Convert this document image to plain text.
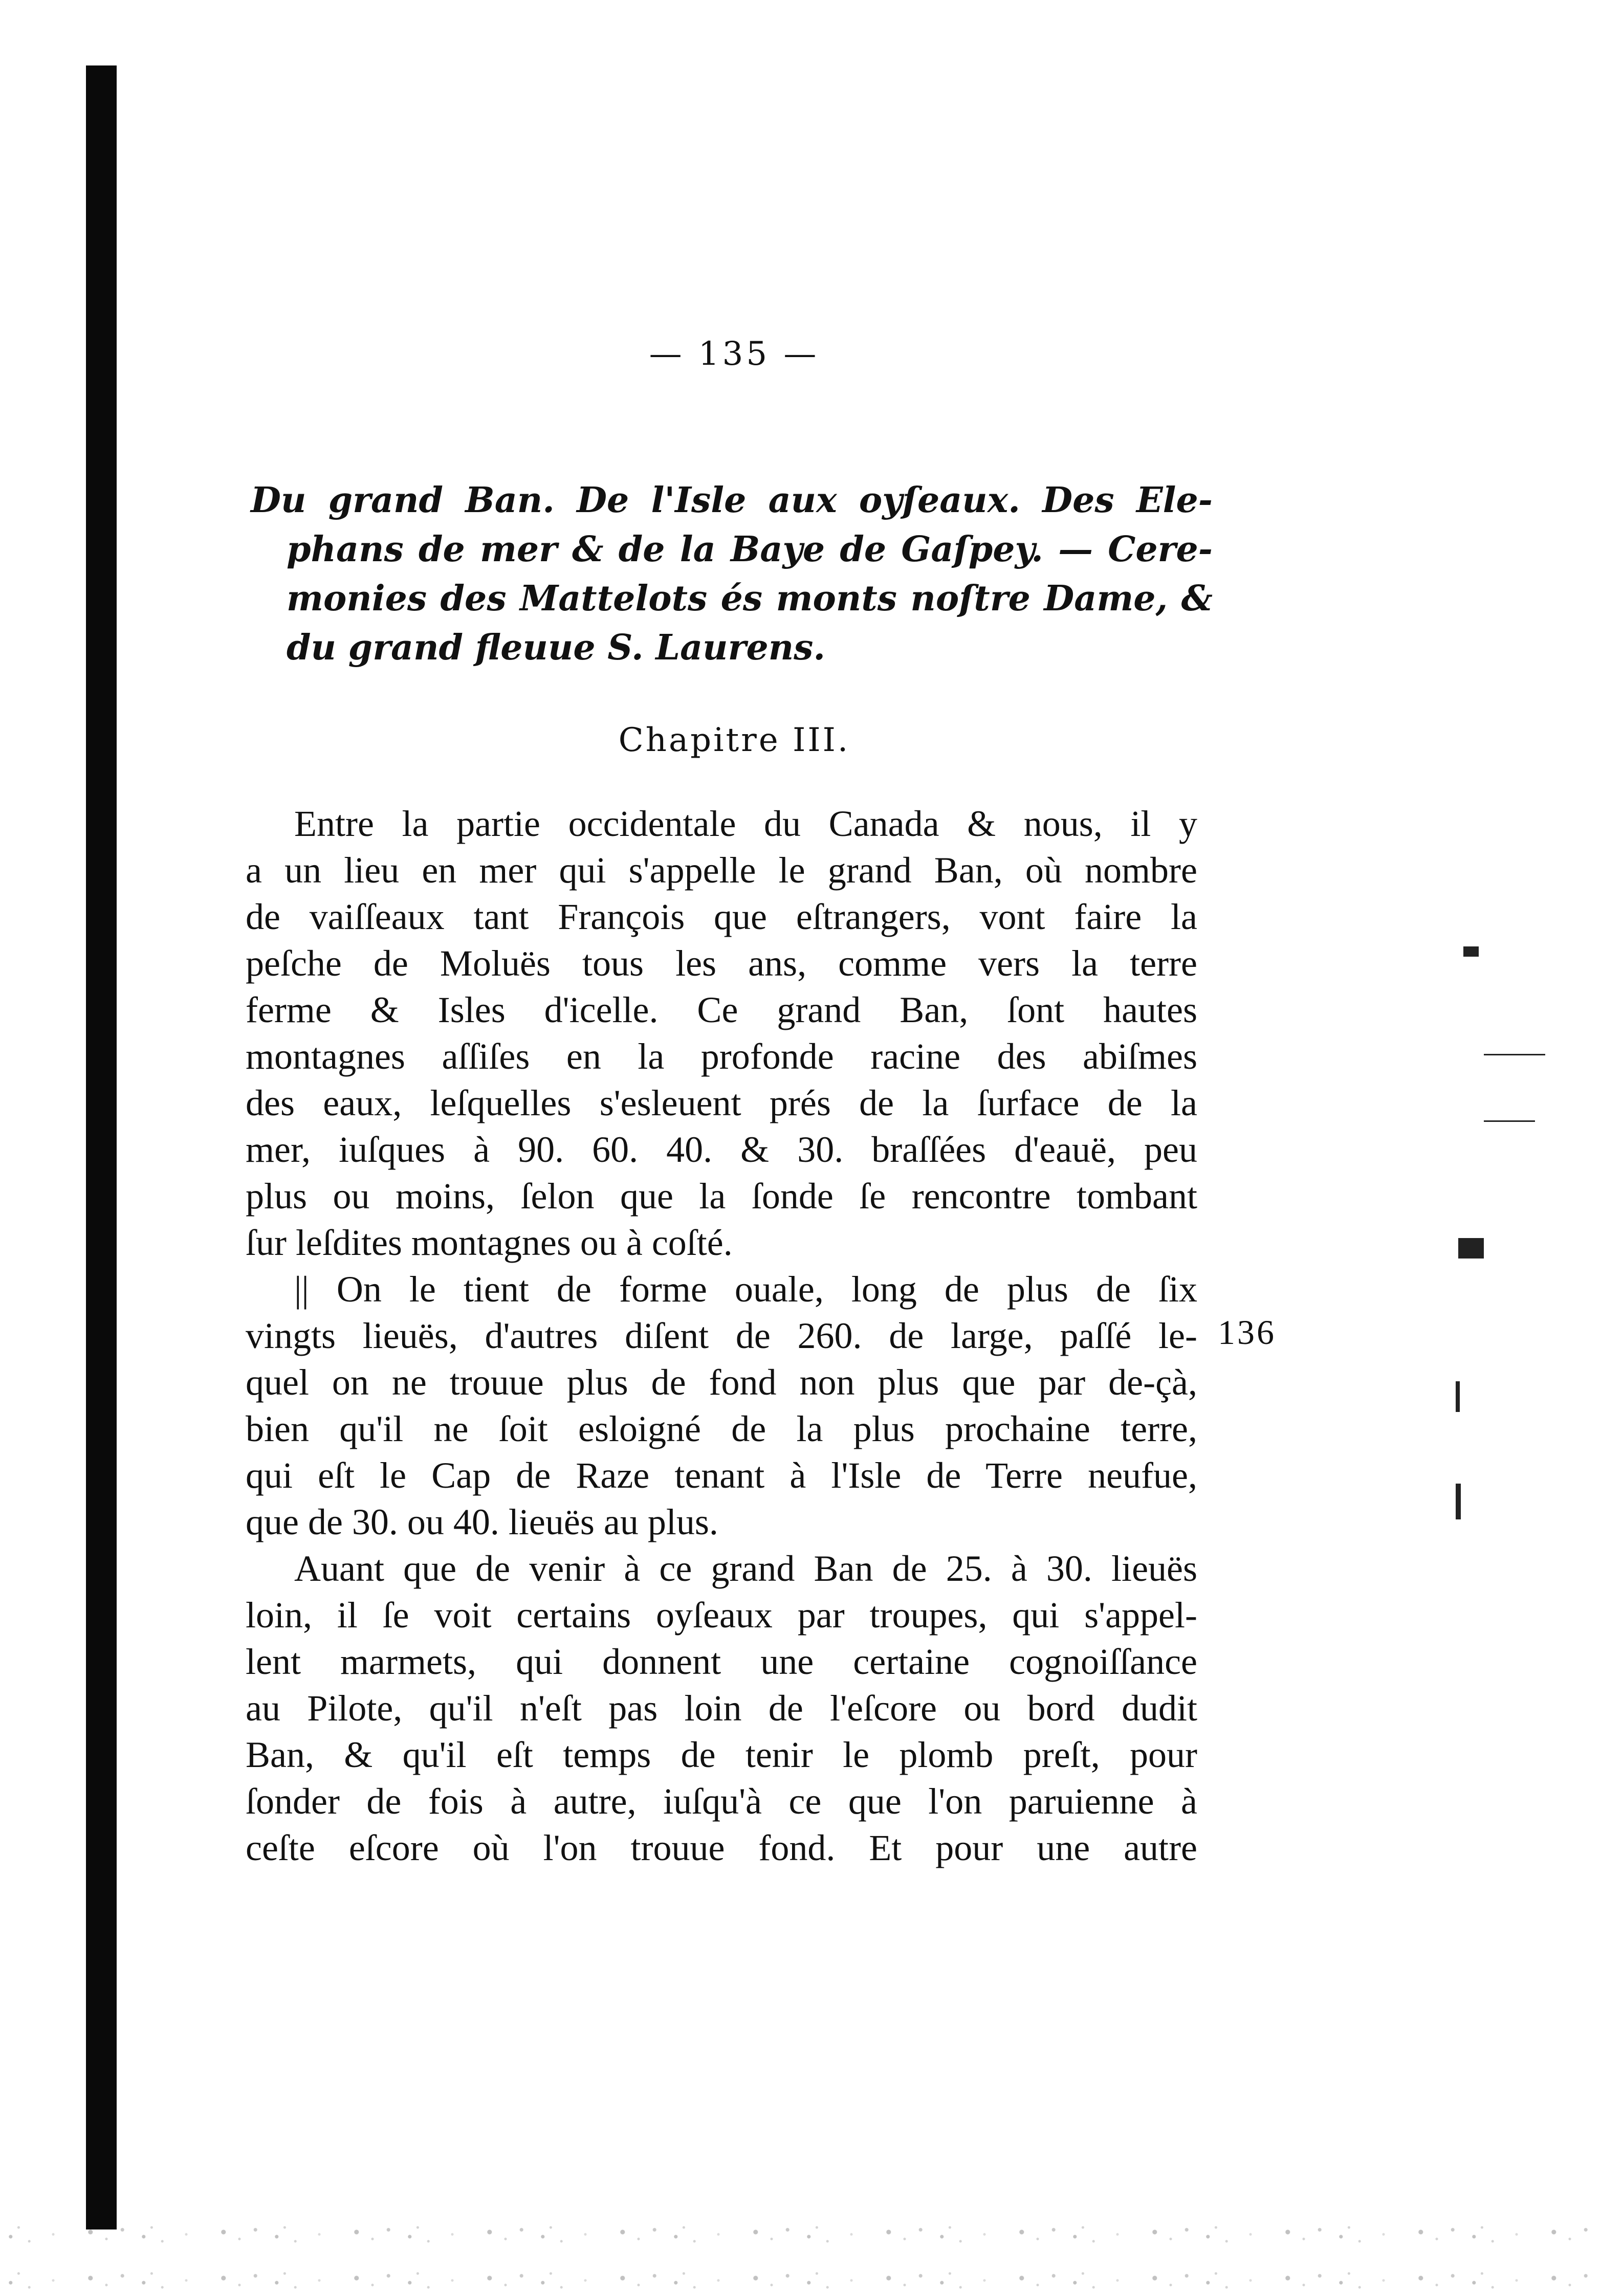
— 135 —
Du grand Ban. De l'Isle aux oyſeaux. Des Ele-
phans de mer & de la Baye de Gaſpey. — Cere-
monies des Mattelots és monts noſtre Dame, &
du grand fleuue S. Laurens.
Chapitre III.
Entre la partie occidentale du Canada & nous, il y
a un lieu en mer qui s'appelle le grand Ban, où nombre
de vaiſſeaux tant François que eſtrangers, vont faire la
peſche de Moluës tous les ans, comme vers la terre
ferme & Isles d'icelle. Ce grand Ban, ſont hautes
montagnes aſſiſes en la profonde racine des abiſmes
des eaux, leſquelles s'esleuent prés de la ſurface de la
mer, iuſques à 90. 60. 40. & 30. braſſées d'eauë, peu
plus ou moins, ſelon que la ſonde ſe rencontre tombant
ſur leſdites montagnes ou à coſté.
|| On le tient de forme ouale, long de plus de ſix
vingts lieuës, d'autres diſent de 260. de large, paſſé le-
quel on ne trouue plus de fond non plus que par de-çà,
bien qu'il ne ſoit esloigné de la plus prochaine terre,
qui eſt le Cap de Raze tenant à l'Isle de Terre neufue,
que de 30. ou 40. lieuës au plus.
Auant que de venir à ce grand Ban de 25. à 30. lieuës
loin, il ſe voit certains oyſeaux par troupes, qui s'appel-
lent marmets, qui donnent une certaine cognoiſſance
au Pilote, qu'il n'eſt pas loin de l'eſcore ou bord dudit
Ban, & qu'il eſt temps de tenir le plomb preſt, pour
ſonder de fois à autre, iuſqu'à ce que l'on paruienne à
ceſte eſcore où l'on trouue fond. Et pour une autre
136
